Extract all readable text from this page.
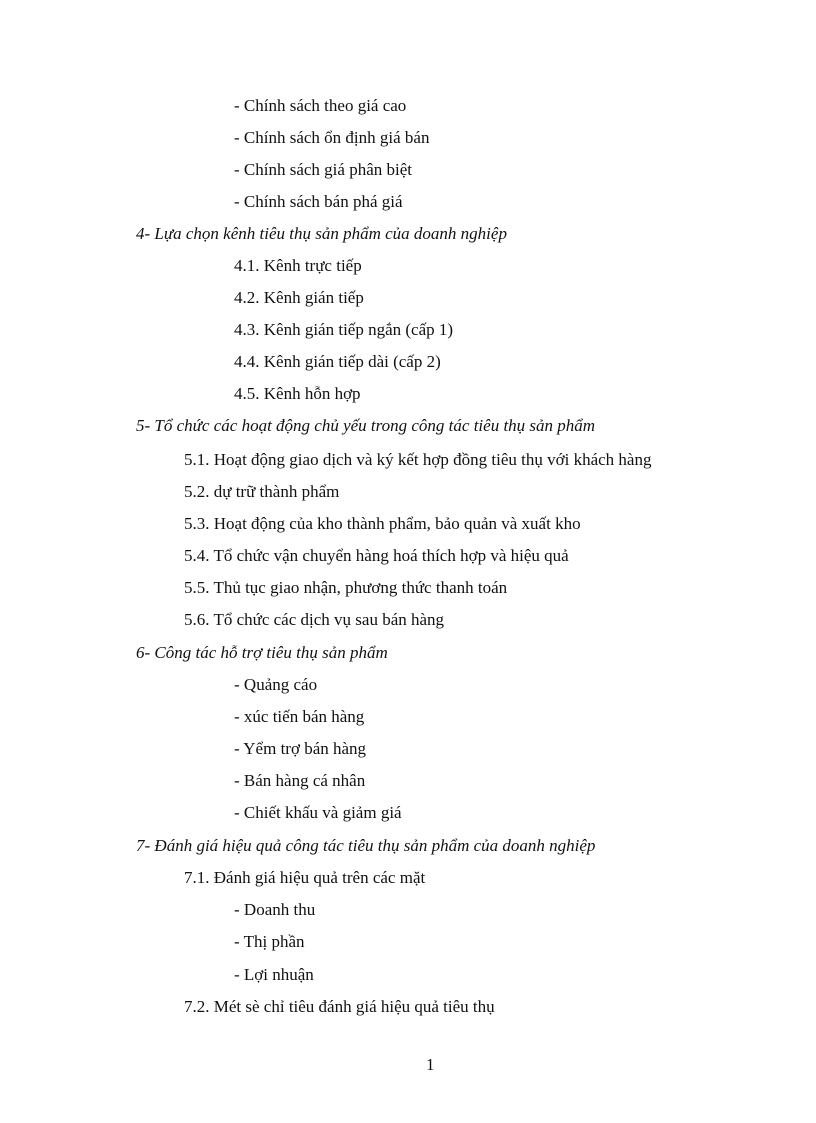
- Chính sách theo giá cao
- Chính sách ổn định giá bán
- Chính sách giá phân biệt
- Chính sách bán phá giá
4- Lựa chọn kênh tiêu thụ sản phẩm của doanh nghiệp
4.1. Kênh trực tiếp
4.2. Kênh gián tiếp
4.3. Kênh gián tiếp ngắn (cấp 1)
4.4. Kênh gián tiếp dài (cấp 2)
4.5. Kênh hỗn hợp
5- Tổ chức các hoạt động chủ yếu trong công tác tiêu thụ sản phẩm
5.1. Hoạt động giao dịch và ký kết hợp đồng tiêu thụ với khách hàng
5.2. dự trữ thành phẩm
5.3. Hoạt động của kho thành phẩm, bảo quản và xuất kho
5.4. Tổ chức vận chuyển hàng hoá thích hợp và hiệu quả
5.5. Thủ tục giao nhận, phương thức thanh toán
5.6. Tổ chức các dịch vụ sau bán hàng
6- Công tác hỗ trợ tiêu thụ sản phẩm
- Quảng cáo
- xúc tiến bán hàng
- Yểm trợ bán hàng
- Bán hàng cá nhân
- Chiết khấu và giảm giá
7- Đánh giá hiệu quả công tác tiêu thụ sản phẩm của doanh nghiệp
7.1. Đánh giá hiệu quả trên các mặt
- Doanh thu
- Thị phần
- Lợi nhuận
7.2. Mét sè chỉ tiêu đánh giá hiệu quả tiêu thụ
1
